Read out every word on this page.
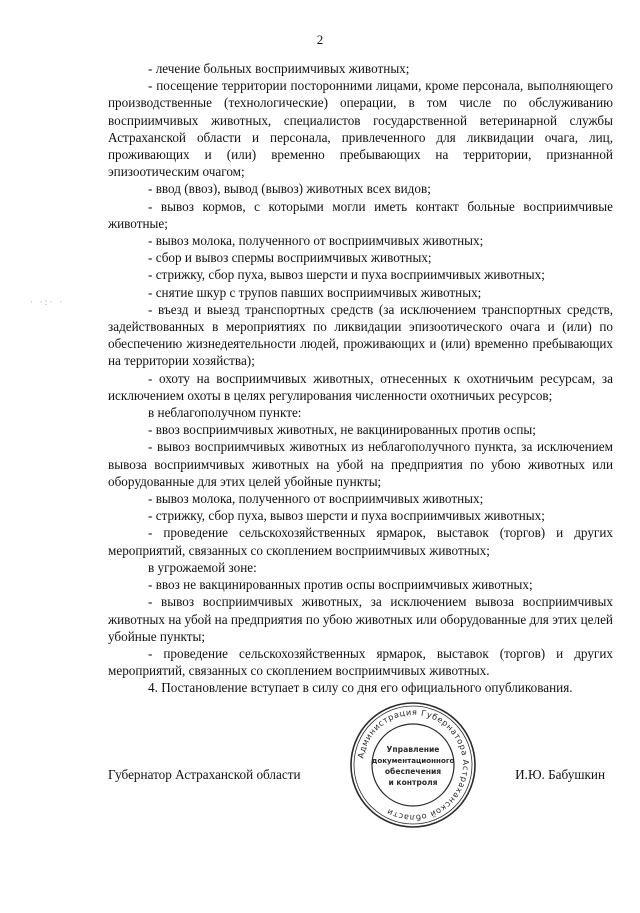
2
· ·:· ·

- лечение больных восприимчивых животных;

- посещение территории посторонними лицами, кроме персонала, выполняющего производственные (технологические) операции, в том числе по обслуживанию восприимчивых животных, специалистов государственной ветеринарной службы Астраханской области и персонала, привлеченного для ликвидации очага, лиц, проживающих и (или) временно пребывающих на территории, признанной эпизоотическим очагом;

- ввод (ввоз), вывод (вывоз) животных всех видов;

- вывоз кормов, с которыми могли иметь контакт больные восприимчивые животные;

- вывоз молока, полученного от восприимчивых животных;

- сбор и вывоз спермы восприимчивых животных;

- стрижку, сбор пуха, вывоз шерсти и пуха восприимчивых животных;

- снятие шкур с трупов павших восприимчивых животных;

- въезд и выезд транспортных средств (за исключением транспортных средств, задействованных в мероприятиях по ликвидации эпизоотического очага и (или) по обеспечению жизнедеятельности людей, проживающих и (или) временно пребывающих на территории хозяйства);

- охоту на восприимчивых животных, отнесенных к охотничьим ресурсам, за исключением охоты в целях регулирования численности охотничьих ресурсов;

в неблагополучном пункте:

- ввоз восприимчивых животных, не вакцинированных против оспы;

- вывоз восприимчивых животных из неблагополучного пункта, за исключением вывоза восприимчивых животных на убой на предприятия по убою животных или оборудованные для этих целей убойные пункты;

- вывоз молока, полученного от восприимчивых животных;

- стрижку, сбор пуха, вывоз шерсти и пуха восприимчивых животных;

- проведение сельскохозяйственных ярмарок, выставок (торгов) и других мероприятий, связанных со скоплением восприимчивых животных;

в угрожаемой зоне:

- ввоз не вакцинированных против оспы восприимчивых животных;

- вывоз восприимчивых животных, за исключением вывоза восприимчивых животных на убой на предприятия по убою животных или оборудованные для этих целей убойные пункты;

- проведение сельскохозяйственных ярмарок, выставок (торгов) и других мероприятий, связанных со скоплением восприимчивых животных.

4. Постановление вступает в силу со дня его официального опубликования.

Администрация Губернатора Астраханской области
Управление
документационного
обеспечения
и контроля
Губернатор Астраханской области	И.Ю. Бабушкин
